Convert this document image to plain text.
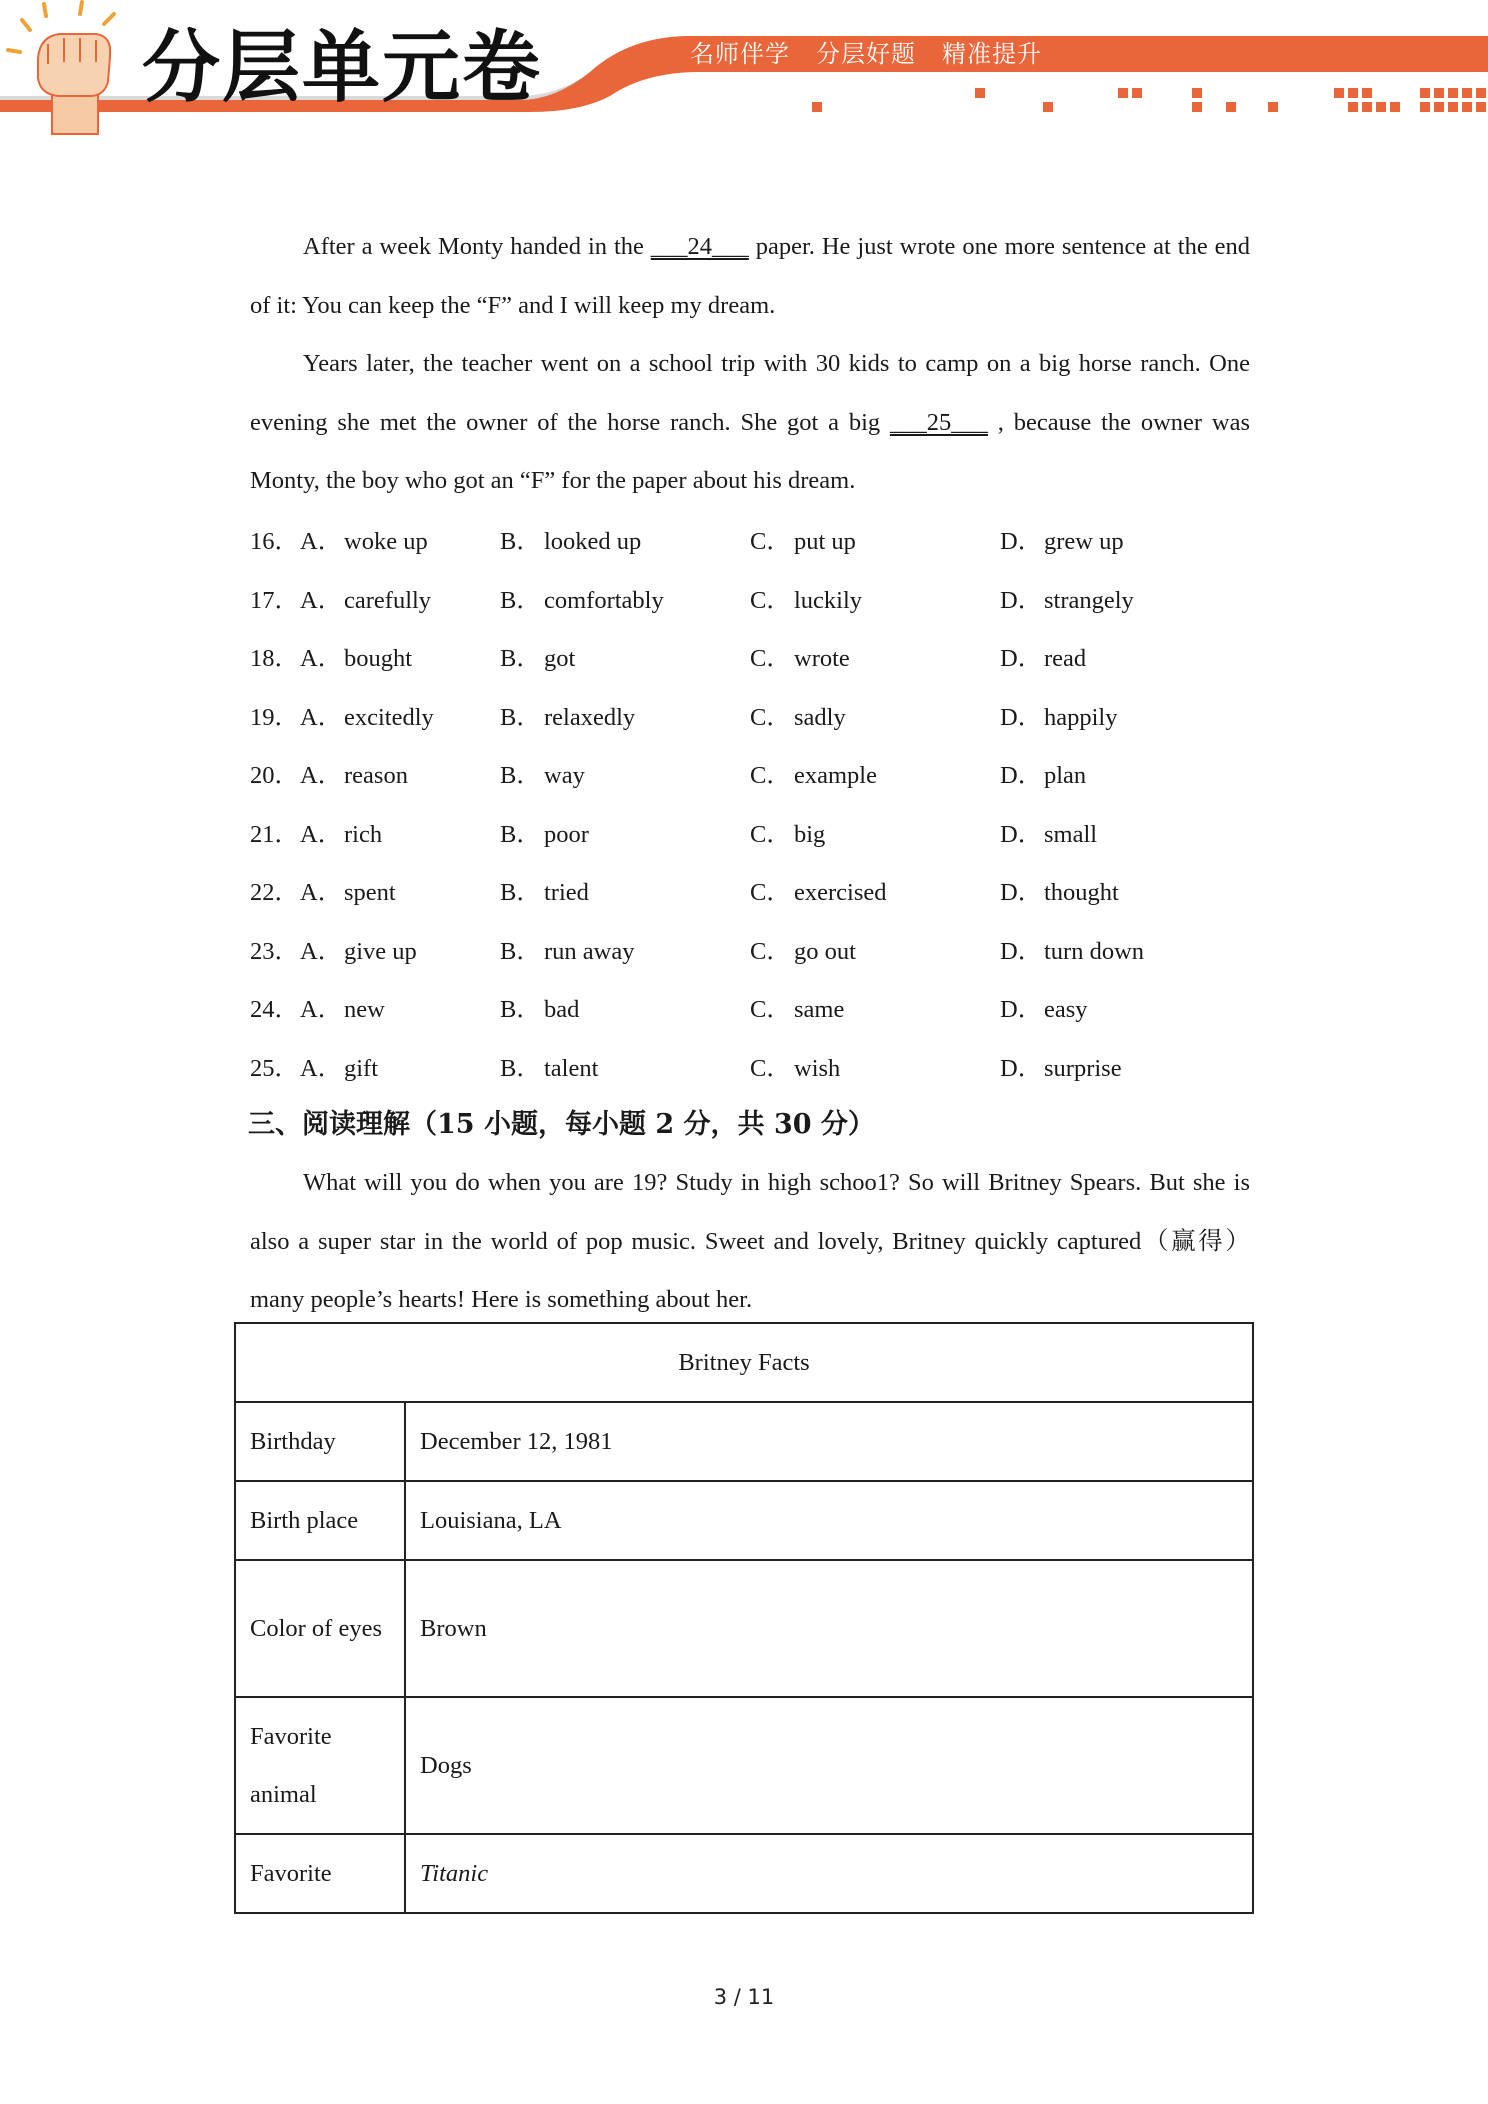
分层单元卷	名师伴学 分层好题 精准提升

After a week Monty handed in the ___24___ paper. He just wrote one more sentence at the end of it: You can keep the “F” and I will keep my dream.

Years later, the teacher went on a school trip with 30 kids to camp on a big horse ranch. One evening she met the owner of the horse ranch. She got a big ___25___ , because the owner was Monty, the boy who got an “F” for the paper about his dream.

16． A．woke up	B． looked up	C． put up	D．grew up
17． A．carefully	B． comfortably	C． luckily	D．strangely
18． A．bought	B． got	C． wrote	D．read
19． A．excitedly	B． relaxedly	C． sadly	D．happily
20． A．reason	B． way	C． example	D．plan
21． A．rich	B． poor	C． big	D．small
22． A．spent	B． tried	C． exercised	D．thought
23． A．give up	B． run away	C． go out	D．turn down
24． A．new	B． bad	C． same	D．easy
25． A．gift	B． talent	C． wish	D．surprise
三、阅读理解（15 小题，每小题 2 分，共 30 分）

What will you do when you are 19? Study in high schoo1? So will Britney Spears. But she is also a super star in the world of pop music. Sweet and lovely, Britney quickly captured（赢得）many people’s hearts! Here is something about her.

Britney Facts	
Birthday	December 12, 1981
Birth place	Louisiana, LA
Color of eyes	Brown
Favorite animal	Dogs
Favorite	Titanic
3 / 11
